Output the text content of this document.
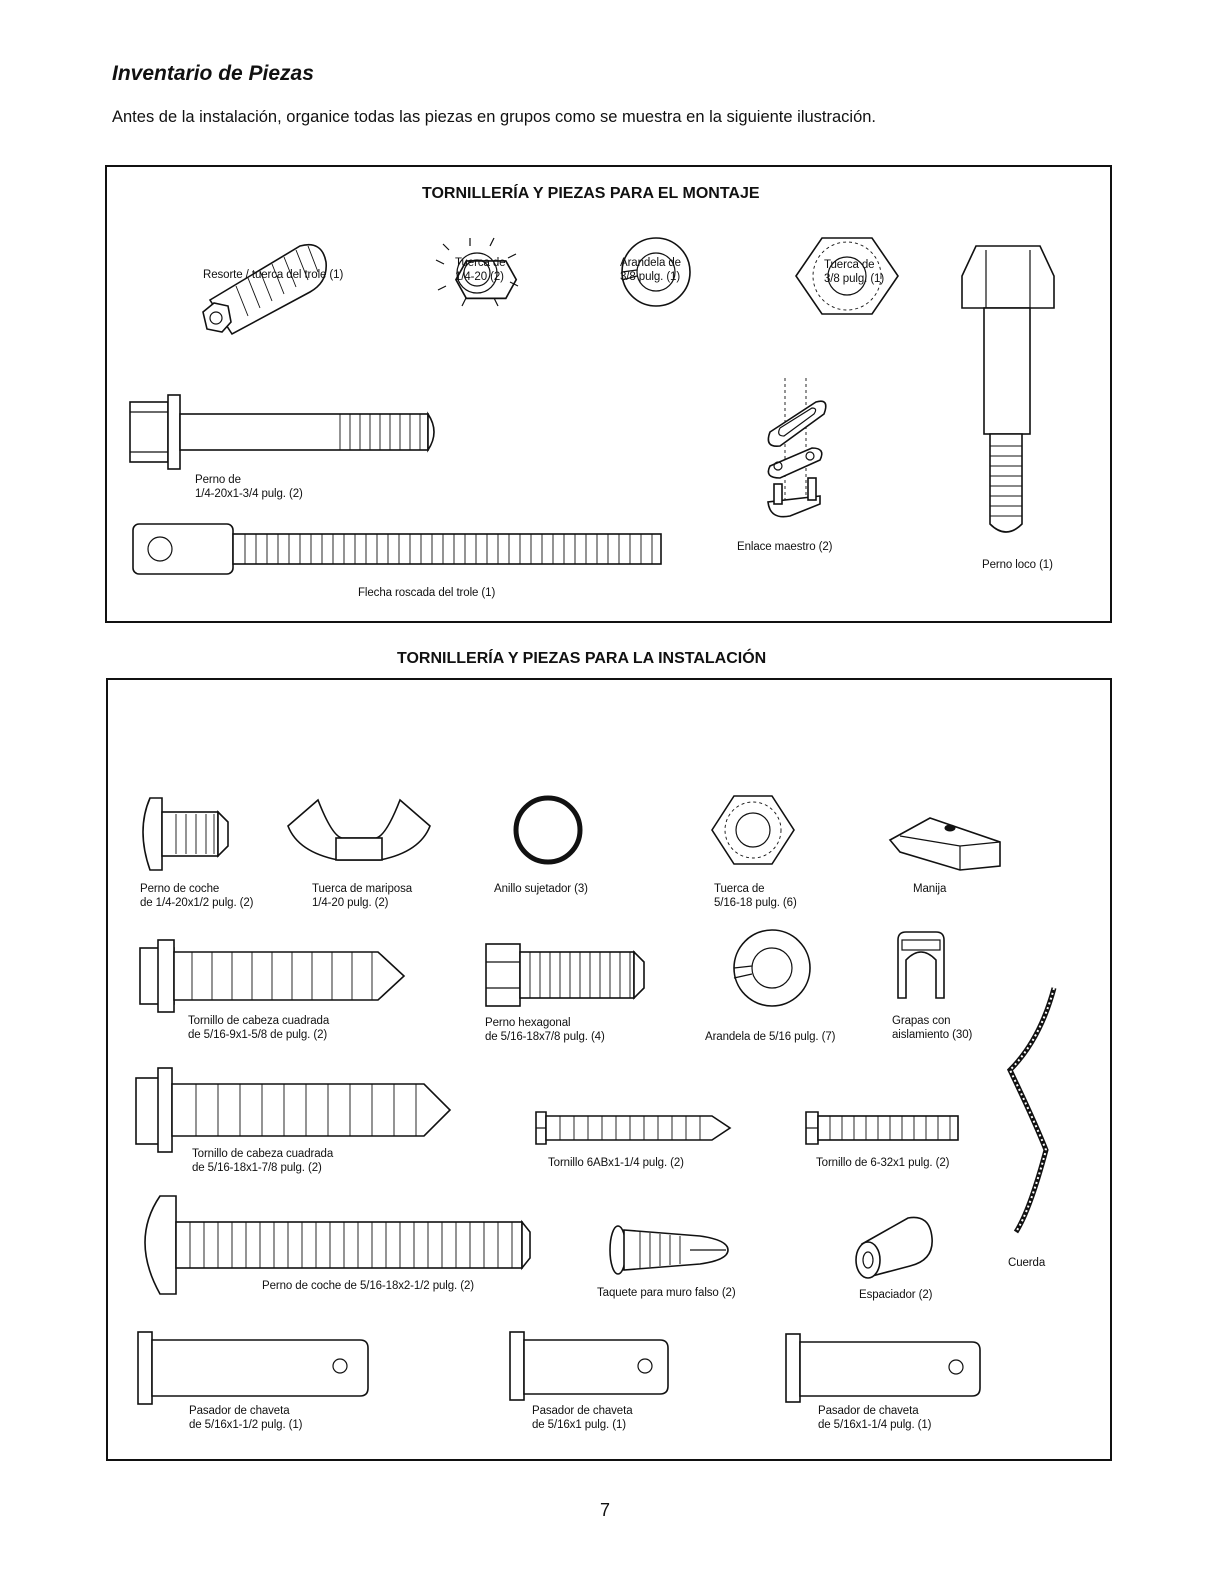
Inventario de Piezas
Antes de la instalación, organice todas las piezas en grupos como se muestra en la siguiente ilustración.
TORNILLERÍA Y PIEZAS PARA EL MONTAJE
TORNILLERÍA Y PIEZAS PARA LA INSTALACIÓN
Resorte / tuerca del trole (1)
Tuerca de
1/4-20 (2)
Arandela de
3/8 pulg. (1)
Tuerca de
3/8 pulg. (1)
Perno de
1/4-20x1-3/4 pulg. (2)
Enlace maestro (2)
Perno loco (1)
Flecha roscada del trole (1)
Perno de coche
de 1/4-20x1/2 pulg. (2)
Tuerca de mariposa
1/4-20 pulg. (2)
Anillo sujetador (3)	Tuerca de
5/16-18 pulg. (6)
Manija
Tornillo de cabeza cuadrada
de 5/16-9x1-5/8 de pulg. (2)
Perno hexagonal
de 5/16-18x7/8 pulg. (4)	Arandela de 5/16 pulg. (7)
Grapas con
aislamiento (30)
Tornillo de cabeza cuadrada
de 5/16-18x1-7/8 pulg. (2)	Tornillo 6ABx1-1/4 pulg. (2)	Tornillo de 6-32x1 pulg. (2)
Perno de coche de 5/16-18x2-1/2 pulg. (2)
Taquete para muro falso (2)	Espaciador (2)
Cuerda
Pasador de chaveta
de 5/16x1-1/2 pulg. (1)
Pasador de chaveta
de 5/16x1 pulg. (1)
Pasador de chaveta
de 5/16x1-1/4 pulg. (1)
7
